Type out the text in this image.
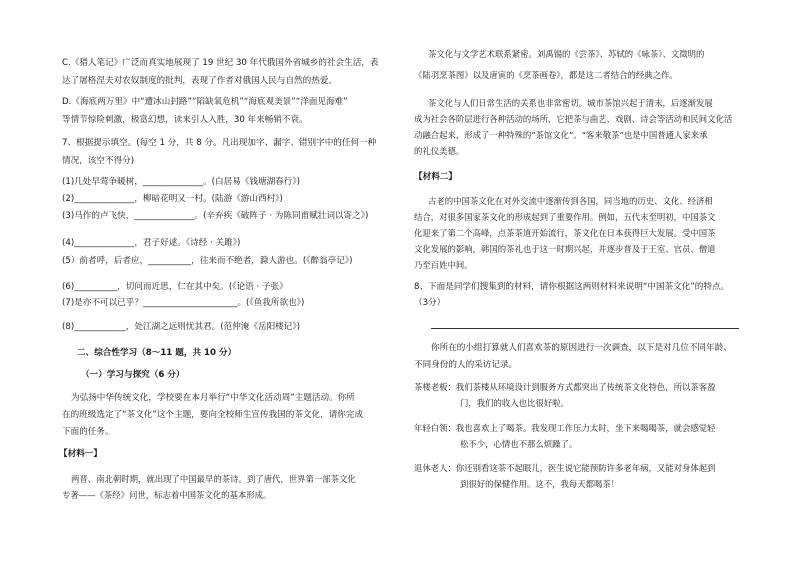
C.《猎人笔记》广泛而真实地展现了 19 世纪 30 年代俄国外省城乡的社会生活，表
达了屠格涅夫对农奴制度的批判，表现了作者对俄国人民与自然的热爱。
D.《海底两万里》中“遭冰山封路”“陷缺氧危机”“海底观美景”“洋面见海难”
等情节惊险刺激，极富幻想，读来引人入胜，30 年来畅销不衰。
7、根据提示填空。(每空 1 分，共 8 分。凡出现加字、漏字、错别字中的任何一种
情况，该空不得分)
(1)几处早莺争暖树，______________。(白居易《钱塘湖春行》)
(2)______________，柳暗花明又一村。(陆游《游山西村》)
(3)马作的卢飞快，______________。(辛弃疾《破阵子 · 为陈同甫赋壮词以寄之》)
(4)______________，君子好逑。《诗经 · 关雎》)
(5）前者呼，后者应，__________，往来而不绝者，滁人游也。(《醉翁亭记》)
(6)__________，切问而近思，仁在其中矣。(《论语 · 子张》
(7)是亦不可以已乎？______________________。(《鱼我所欲也》)
(8)____________，处江湖之远则忧其君。(范仲淹《岳阳楼记》)
二、综合性学习（8～11 题，共 10 分）
（一）学习与探究（6 分）
为弘扬中华传统文化，学校要在本月举行“中华文化活动周”主题活动。你所
在的班级选定了“茶文化”这个主题，要向全校师生宣传我国的茶文化，请你完成
下面的任务。
【材料一】
两晋、南北朝时期，就出现了中国最早的茶诗。到了唐代，世界第一部茶文化
专著——《茶经》问世，标志着中国茶文化的基本形成。
茶文化与文学艺术联系紧密。刘禹锡的《尝茶》、苏轼的《咏茶》、文徵明的
《陆羽烹茶图》以及唐寅的《烹茶画卷》，都是这二者结合的经典之作。
茶文化与人们日常生活的关系也非常密切。城市茶馆兴起于清末，后逐渐发展
成为社会各阶层进行各种活动的场所，它把茶与曲艺、戏剧、诗会等活动和民间文化活
动融合起来，形成了一种特殊的“茶馆文化”。“客来敬茶”也是中国普通人家来承
的礼仪美德。
【材料二】
古老的中国茶文化在对外交流中逐渐传到各国，同当地的历史、文化、经济相
结合，对很多国家茶文化的形成起到了重要作用。例如，五代末至明初，中国茶文
化迎来了第二个高峰，点茶茶道开始流行，茶文化在日本获得巨大发展。受中国茶
文化发展的影响，韩国的茶礼也于这一时期兴起，并逐步普及于王室、官员、僧道
乃至百姓中间。
8、下面是同学们搜集到的材料，请你根据这两则材料来说明“中国茶文化”的特点。
（3分）
你所在的小组打算就人们喜欢茶的原因进行一次调查，以下是对几位不同年龄、
不同身份的人的采访记录。
茶楼老板：我们茶楼从环境设计到服务方式都突出了传统茶文化特色，所以茶客盈
门，我们的收入也比很好啦。
年轻白领：我也喜欢上了喝茶。我发现工作压力太时，坐下来喝喝茶，就会感觉轻
松不少，心情也不那么烦躁了。
退休老人：你还别看这茶不起眼儿，医生说它能预防许多老年病，又能对身体起到
到很好的保健作用。这不，我每天都喝茶！
